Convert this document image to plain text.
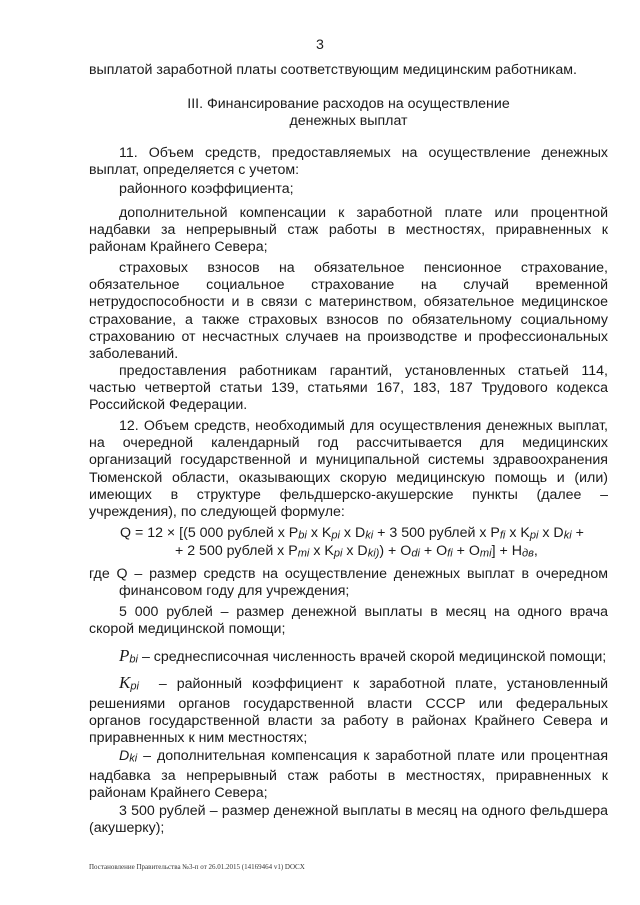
3

выплатой заработной платы соответствующим медицинским работникам.

III. Финансирование расходов на осуществление

денежных выплат

11. Объем средств, предоставляемых на осуществление денежных выплат, определяется с учетом:

районного коэффициента;

дополнительной компенсации к заработной плате или процентной надбавки за непрерывный стаж работы в местностях, приравненных к районам Крайнего Севера;

страховых взносов на обязательное пенсионное страхование, обязательное социальное страхование на случай временной нетрудоспособности и в связи с материнством, обязательное медицинское страхование, а также страховых взносов по обязательному социальному страхованию от несчастных случаев на производстве и профессиональных заболеваний.

предоставления работникам гарантий, установленных статьей 114, частью четвертой статьи 139, статьями 167, 183, 187 Трудового кодекса Российской Федерации.

12. Объем средств, необходимый для осуществления денежных выплат, на очередной календарный год рассчитывается для медицинских организаций государственной и муниципальной системы здравоохранения Тюменской области, оказывающих скорую медицинскую помощь и (или) имеющих в структуре фельдшерско-акушерские пункты (далее – учреждения), по следующей формуле:

Q = 12 × [(5 000 рублей x Pbi x Kpi x Dki + 3 500 рублей x Pfi x Kpi x Dki +
+ 2 500 рублей x Pmi x Kpi x Dki)) + Odi + Ofi + Omi] + Hдв,

где Q – размер средств на осуществление денежных выплат в очередном финансовом году для учреждения;

5 000 рублей – размер денежной выплаты в месяц на одного врача скорой медицинской помощи;

Pbi – среднесписочная численность врачей скорой медицинской помощи;

Kpi – районный коэффициент к заработной плате, установленный решениями органов государственной власти СССР или федеральных органов государственной власти за работу в районах Крайнего Севера и приравненных к ним местностях;

Dki – дополнительная компенсация к заработной плате или процентная надбавка за непрерывный стаж работы в местностях, приравненных к районам Крайнего Севера;

3 500 рублей – размер денежной выплаты в месяц на одного фельдшера (акушерку);

Постановление Правительства №3-п от 26.01.2015 (14169464 v1) DOCX
